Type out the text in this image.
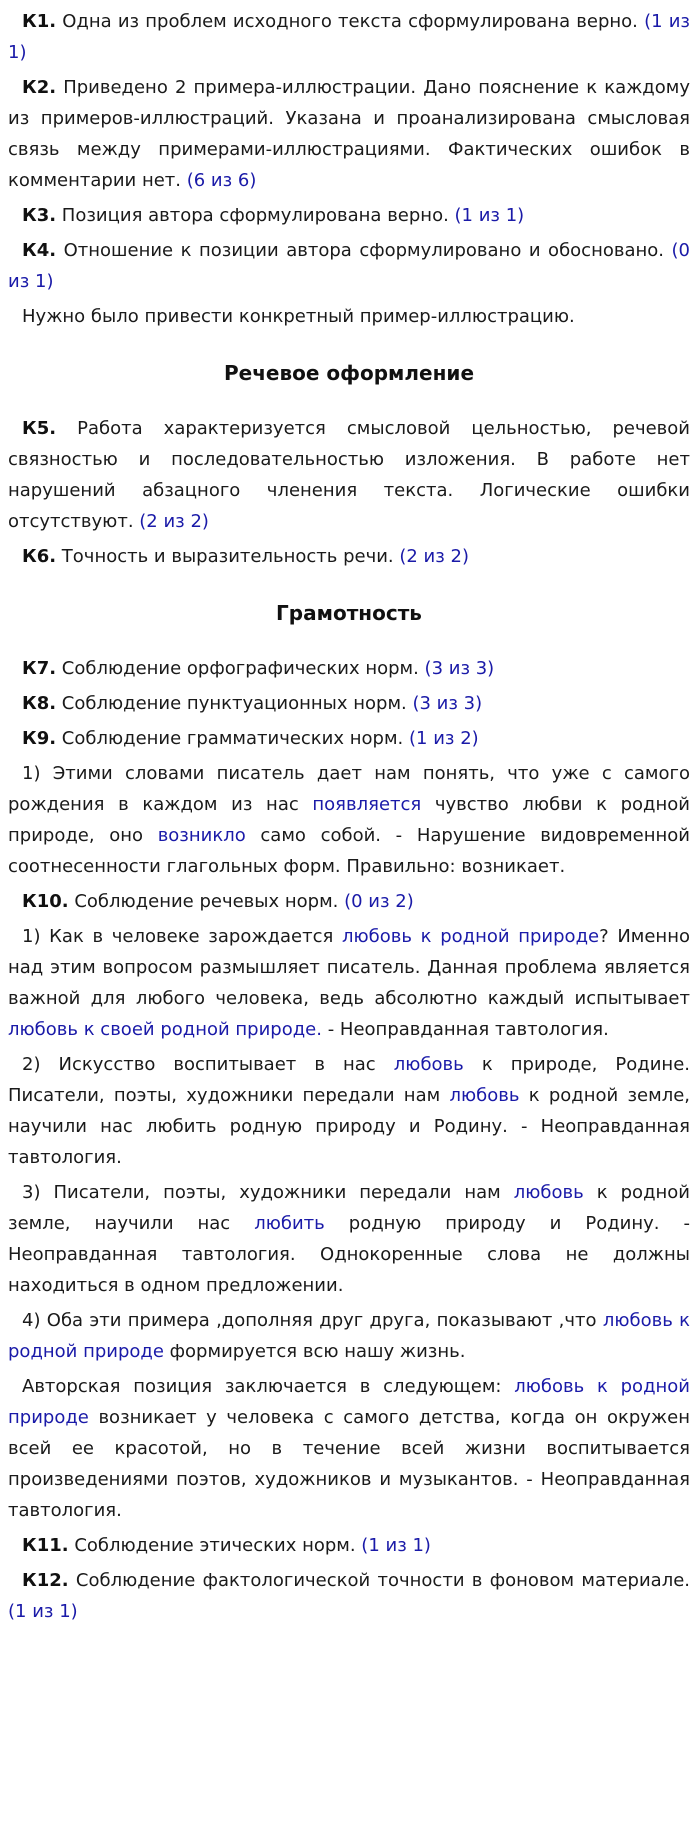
К1. Одна из проблем исходного текста сформулирована верно. (1 из 1)

К2. Приведено 2 примера-иллюстрации. Дано пояснение к каждому из примеров-иллюстраций. Указана и проанализирована смысловая связь между примерами-иллюстрациями. Фактических ошибок в комментарии нет. (6 из 6)

К3. Позиция автора сформулирована верно. (1 из 1)

К4. Отношение к позиции автора сформулировано и обосновано. (0 из 1)

Нужно было привести конкретный пример-иллюстрацию.

Речевое оформление

К5. Работа характеризуется смысловой цельностью, речевой связностью и последовательностью изложения. В работе нет нарушений абзацного членения текста. Логические ошибки отсутствуют. (2 из 2)

К6. Точность и выразительность речи. (2 из 2)

Грамотность

К7. Соблюдение орфографических норм. (3 из 3)

К8. Соблюдение пунктуационных норм. (3 из 3)

К9. Соблюдение грамматических норм. (1 из 2)

1) Этими словами писатель дает нам понять, что уже с самого рождения в каждом из нас появляется чувство любви к родной природе, оно возникло само собой. - Нарушение видовременной соотнесенности глагольных форм. Правильно: возникает.

К10. Соблюдение речевых норм. (0 из 2)

1) Как в человеке зарождается любовь к родной природе? Именно над этим вопросом размышляет писатель. Данная проблема является важной для любого человека, ведь абсолютно каждый испытывает любовь к своей родной природе. - Неоправданная тавтология.

2) Искусство воспитывает в нас любовь к природе, Родине. Писатели, поэты, художники передали нам любовь к родной земле, научили нас любить родную природу и Родину. - Неоправданная тавтология.

3) Писатели, поэты, художники передали нам любовь к родной земле, научили нас любить родную природу и Родину. - Неоправданная тавтология. Однокоренные слова не должны находиться в одном предложении.

4) Оба эти примера ,дополняя друг друга, показывают ,что любовь к родной природе формируется всю нашу жизнь.

Авторская позиция заключается в следующем: любовь к родной природе возникает у человека с самого детства, когда он окружен всей ее красотой, но в течение всей жизни воспитывается произведениями поэтов, художников и музыкантов. - Неоправданная тавтология.

К11. Соблюдение этических норм. (1 из 1)

К12. Соблюдение фактологической точности в фоновом материале. (1 из 1)
